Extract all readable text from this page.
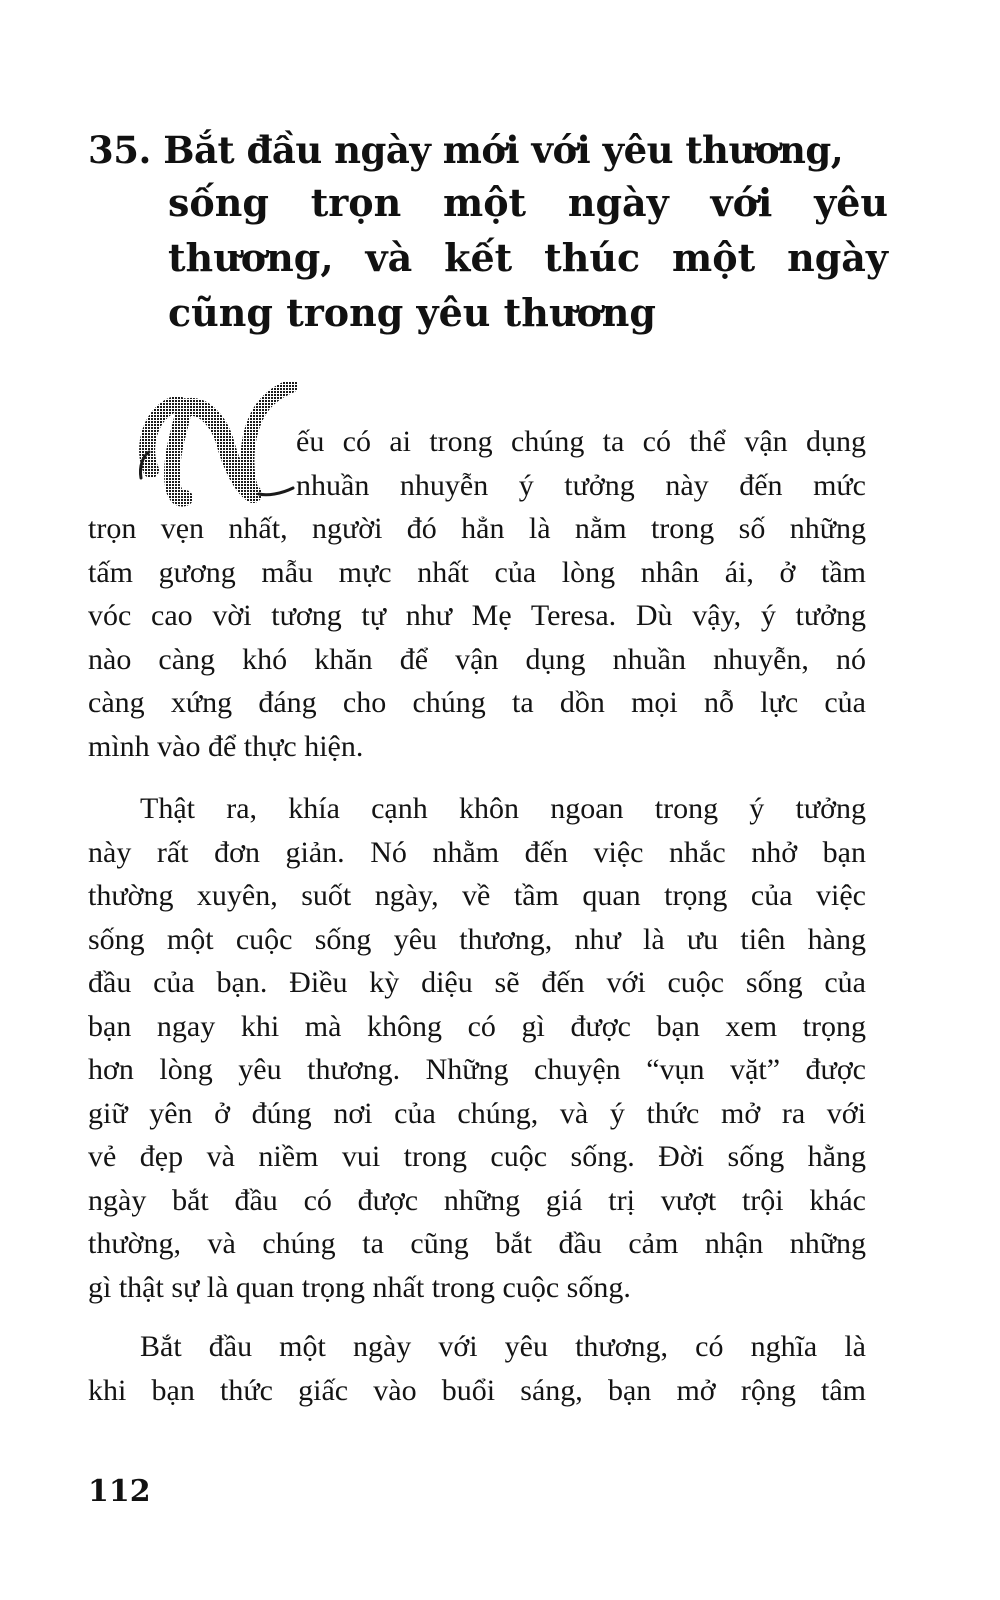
35. Bắt đầu ngày mới với yêu thương,
sống trọn một ngày với yêu
thương, và kết thúc một ngày
cũng trong yêu thương
ếu có ai trong chúng ta có thể vận dụng
nhuần nhuyễn ý tưởng này đến mức
trọn vẹn nhất, người đó hẳn là nằm trong số những
tấm gương mẫu mực nhất của lòng nhân ái, ở tầm
vóc cao vời tương tự như Mẹ Teresa. Dù vậy, ý tưởng
nào càng khó khăn để vận dụng nhuần nhuyễn, nó
càng xứng đáng cho chúng ta dồn mọi nỗ lực của
mình vào để thực hiện.
Thật ra, khía cạnh khôn ngoan trong ý tưởng
này rất đơn giản. Nó nhằm đến việc nhắc nhở bạn
thường xuyên, suốt ngày, về tầm quan trọng của việc
sống một cuộc sống yêu thương, như là ưu tiên hàng
đầu của bạn. Điều kỳ diệu sẽ đến với cuộc sống của
bạn ngay khi mà không có gì được bạn xem trọng
hơn lòng yêu thương. Những chuyện “vụn vặt” được
giữ yên ở đúng nơi của chúng, và ý thức mở ra với
vẻ đẹp và niềm vui trong cuộc sống. Đời sống hằng
ngày bắt đầu có được những giá trị vượt trội khác
thường, và chúng ta cũng bắt đầu cảm nhận những
gì thật sự là quan trọng nhất trong cuộc sống.
Bắt đầu một ngày với yêu thương, có nghĩa là
khi bạn thức giấc vào buổi sáng, bạn mở rộng tâm
112
